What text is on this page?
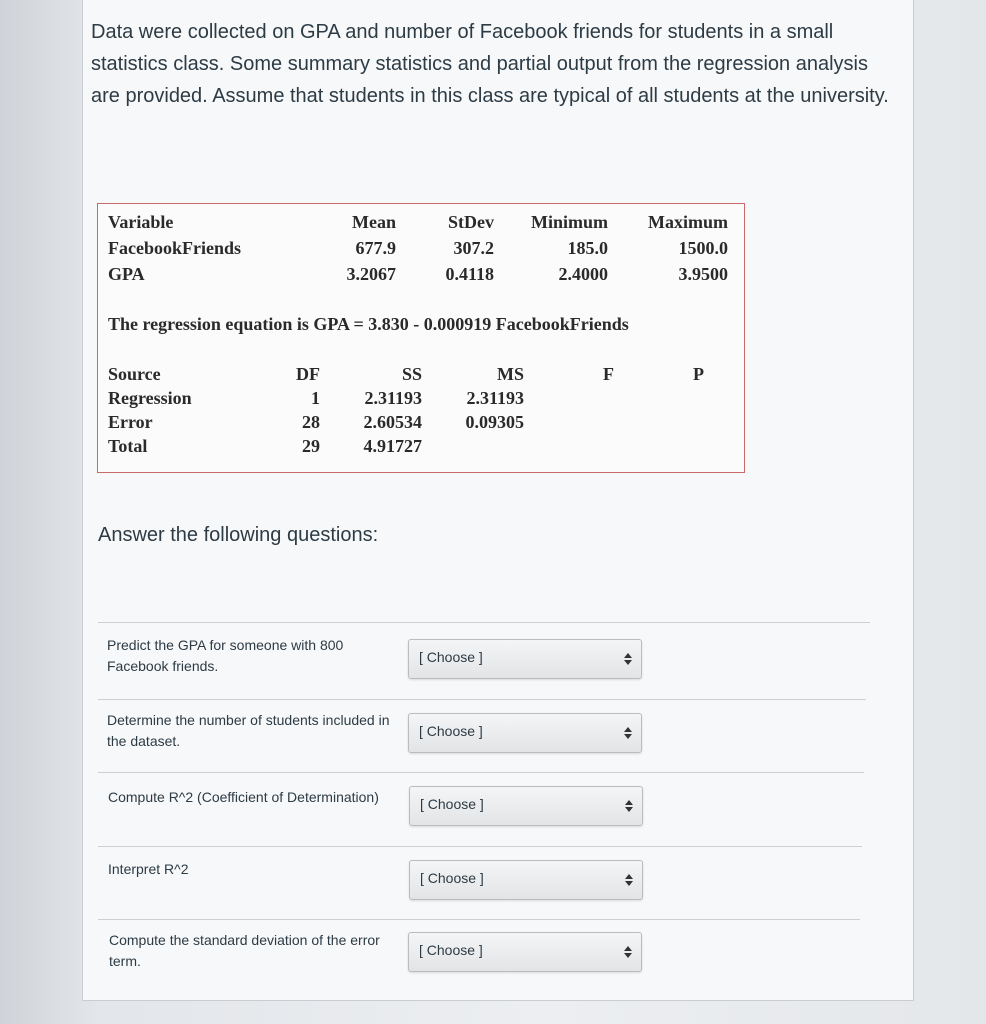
Data were collected on GPA and number of Facebook friends for students in a small statistics class. Some summary statistics and partial output from the regression analysis are provided. Assume that students in this class are typical of all students at the university.

Variable	Mean	StDev Minimum Maximum
FacebookFriends	677.9	307.2	185.0	1500.0
GPA	3.2067	0.4118	2.4000	3.9500
The regression equation is GPA = 3.830 - 0.000919 FacebookFriends
Source	DF	SS	MS	F	P
Regression	1 2.31193 2.31193
Error	28 2.60534 0.09305
Total	29 4.91727
Answer the following questions:
Predict the GPA for someone with 800 Facebook friends.
[ Choose ]
Determine the number of students included in the dataset.
[ Choose ]
Compute R^2 (Coefficient of Determination)	[ Choose ]
Interpret R^2
[ Choose ]
Compute the standard deviation of the error term.
[ Choose ]
